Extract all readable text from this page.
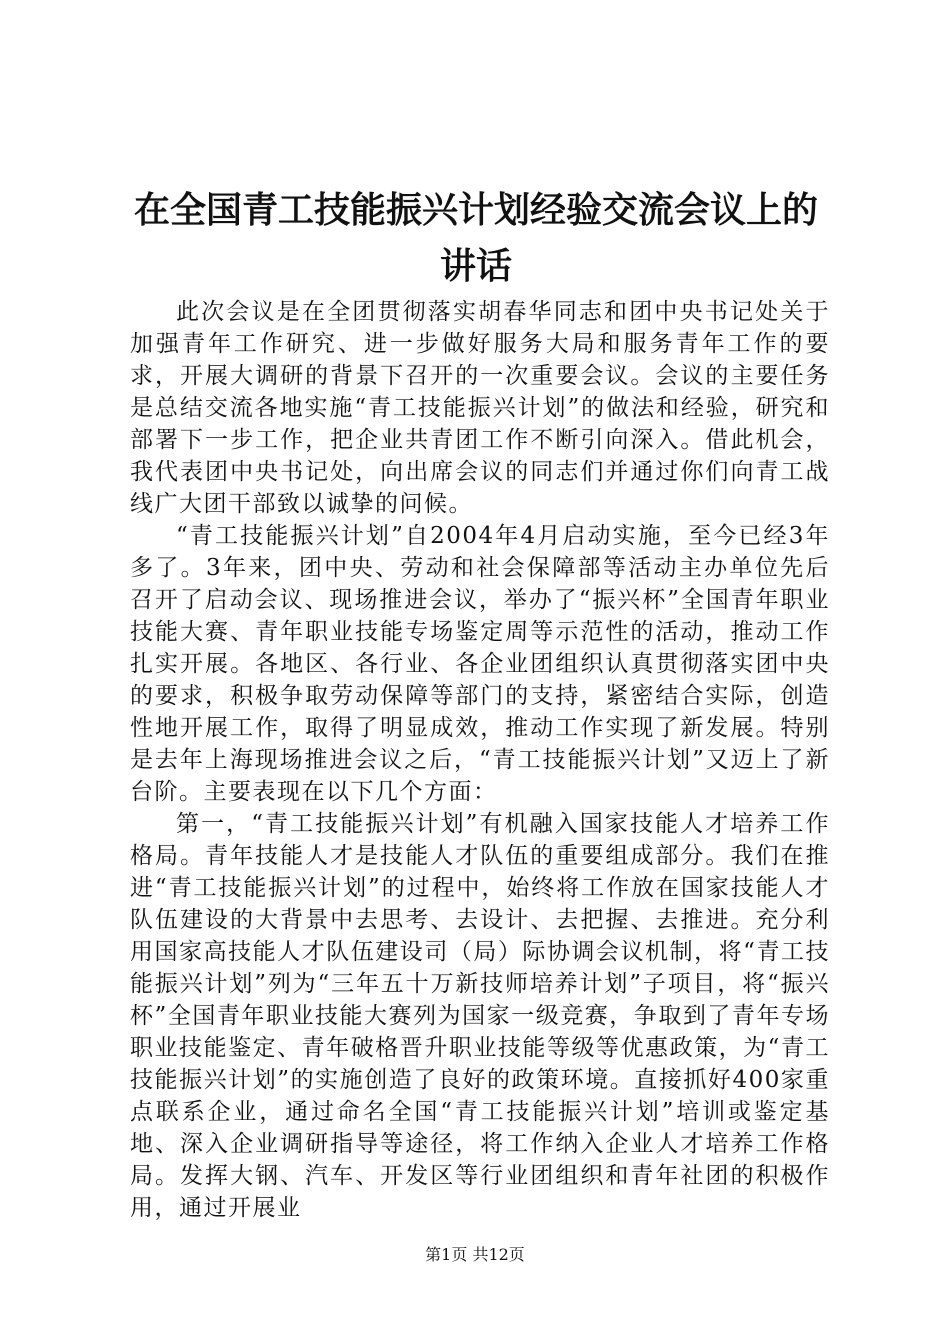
在全国青工技能振兴计划经验交流会议上的讲话

此次会议是在全团贯彻落实胡春华同志和团中央书记处关于加强青年工作研究、进一步做好服务大局和服务青年工作的要求，开展大调研的背景下召开的一次重要会议。会议的主要任务是总结交流各地实施“青工技能振兴计划”的做法和经验，研究和部署下一步工作，把企业共青团工作不断引向深入。借此机会，我代表团中央书记处，向出席会议的同志们并通过你们向青工战线广大团干部致以诚挚的问候。

“青工技能振兴计划”自2004年4月启动实施，至今已经3年多了。3年来，团中央、劳动和社会保障部等活动主办单位先后召开了启动会议、现场推进会议，举办了“振兴杯”全国青年职业技能大赛、青年职业技能专场鉴定周等示范性的活动，推动工作扎实开展。各地区、各行业、各企业团组织认真贯彻落实团中央的要求，积极争取劳动保障等部门的支持，紧密结合实际，创造性地开展工作，取得了明显成效，推动工作实现了新发展。特别是去年上海现场推进会议之后，“青工技能振兴计划”又迈上了新台阶。主要表现在以下几个方面：

第一，“青工技能振兴计划”有机融入国家技能人才培养工作格局。青年技能人才是技能人才队伍的重要组成部分。我们在推进“青工技能振兴计划”的过程中，始终将工作放在国家技能人才队伍建设的大背景中去思考、去设计、去把握、去推进。充分利用国家高技能人才队伍建设司（局）际协调会议机制，将“青工技能振兴计划”列为“三年五十万新技师培养计划”子项目，将“振兴杯”全国青年职业技能大赛列为国家一级竞赛，争取到了青年专场职业技能鉴定、青年破格晋升职业技能等级等优惠政策，为“青工技能振兴计划”的实施创造了良好的政策环境。直接抓好400家重点联系企业，通过命名全国“青工技能振兴计划”培训或鉴定基地、深入企业调研指导等途径，将工作纳入企业人才培养工作格局。发挥大钢、汽车、开发区等行业团组织和青年社团的积极作用，通过开展业

第1页 共12页
